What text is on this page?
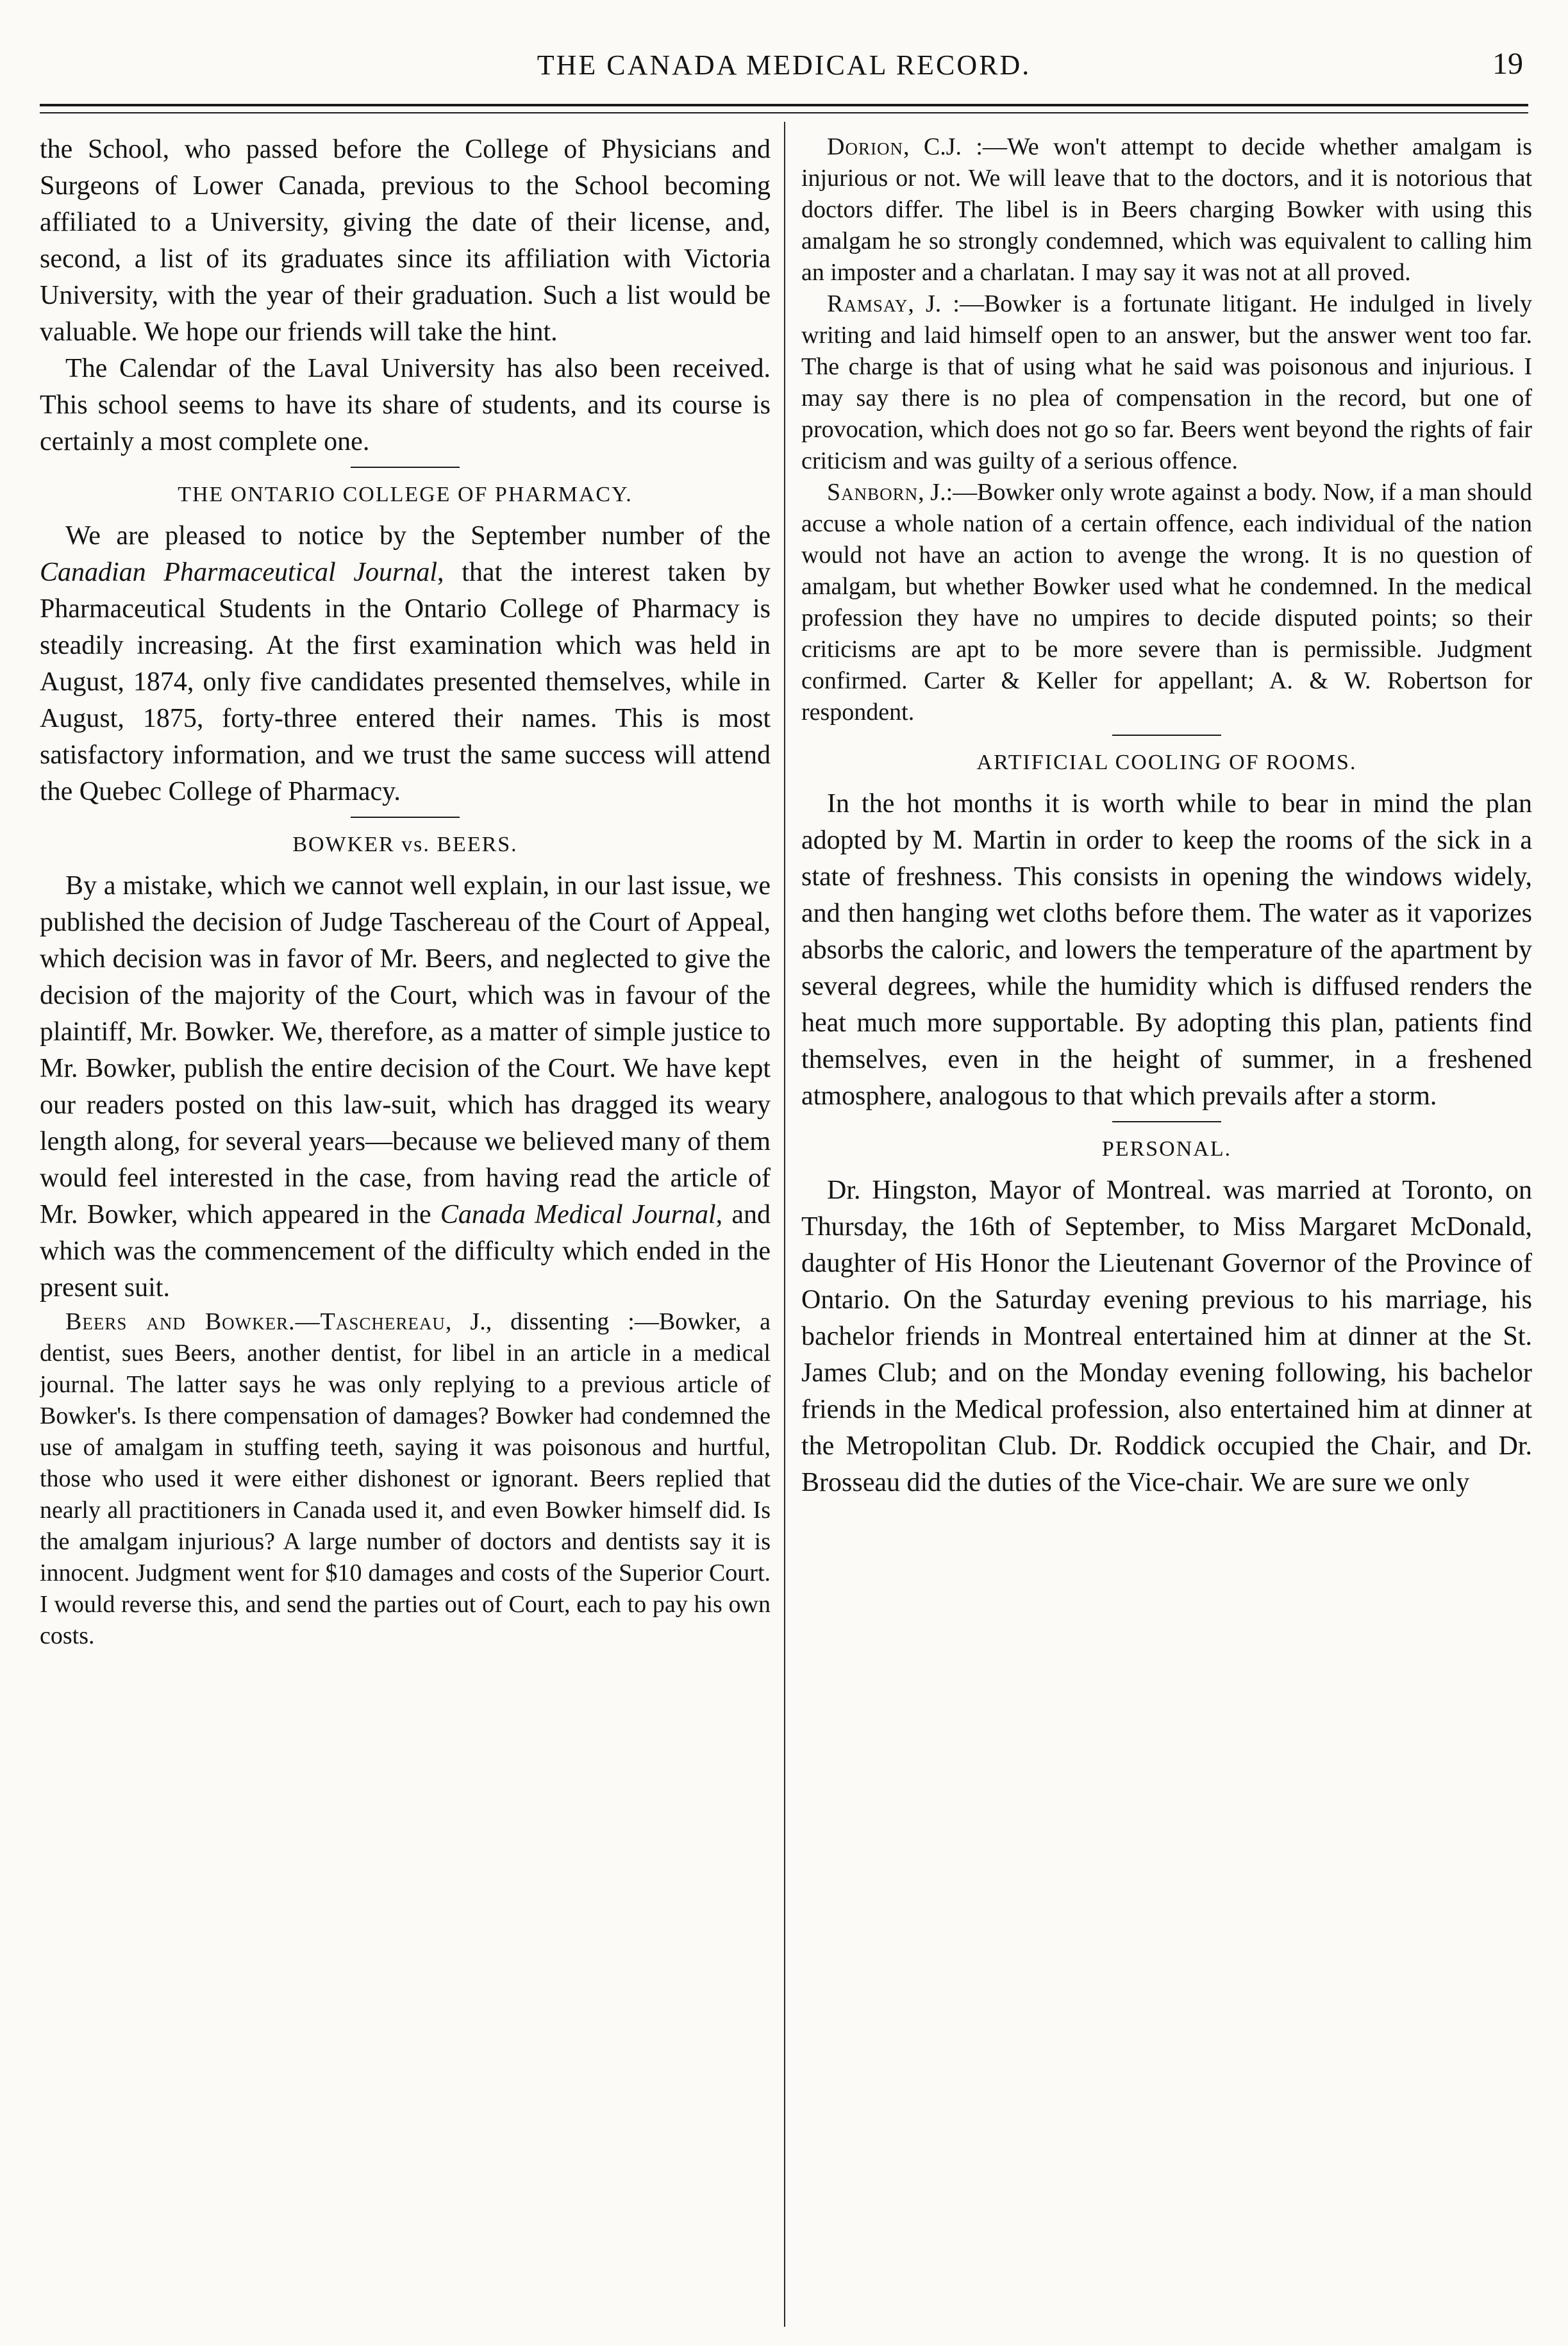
THE CANADA MEDICAL RECORD.	19

the School, who passed before the College of Physicians and Surgeons of Lower Canada, previous to the School becoming affiliated to a University, giving the date of their license, and, second, a list of its graduates since its affiliation with Victoria University, with the year of their graduation. Such a list would be valuable. We hope our friends will take the hint.

The Calendar of the Laval University has also been received. This school seems to have its share of students, and its course is certainly a most complete one.

THE ONTARIO COLLEGE OF PHARMACY.

We are pleased to notice by the September number of the Canadian Pharmaceutical Journal, that the interest taken by Pharmaceutical Students in the Ontario College of Pharmacy is steadily increasing. At the first examination which was held in August, 1874, only five candidates presented themselves, while in August, 1875, forty-three entered their names. This is most satisfactory information, and we trust the same success will attend the Quebec College of Pharmacy.

BOWKER vs. BEERS.

By a mistake, which we cannot well explain, in our last issue, we published the decision of Judge Taschereau of the Court of Appeal, which decision was in favor of Mr. Beers, and neglected to give the decision of the majority of the Court, which was in favour of the plaintiff, Mr. Bowker. We, therefore, as a matter of simple justice to Mr. Bowker, publish the entire decision of the Court. We have kept our readers posted on this law-suit, which has dragged its weary length along, for several years—because we believed many of them would feel interested in the case, from having read the article of Mr. Bowker, which appeared in the Canada Medical Journal, and which was the commencement of the difficulty which ended in the present suit.

Beers and Bowker.—Taschereau, J., dissenting :—Bowker, a dentist, sues Beers, another dentist, for libel in an article in a medical journal. The latter says he was only replying to a previous article of Bowker's. Is there compensation of damages? Bowker had condemned the use of amalgam in stuffing teeth, saying it was poisonous and hurtful, those who used it were either dishonest or ignorant. Beers replied that nearly all practitioners in Canada used it, and even Bowker himself did. Is the amalgam injurious? A large number of doctors and dentists say it is innocent. Judgment went for $10 damages and costs of the Superior Court. I would reverse this, and send the parties out of Court, each to pay his own costs.

Dorion, C.J. :—We won't attempt to decide whether amalgam is injurious or not. We will leave that to the doctors, and it is notorious that doctors differ. The libel is in Beers charging Bowker with using this amalgam he so strongly condemned, which was equivalent to calling him an imposter and a charlatan. I may say it was not at all proved.

Ramsay, J. :—Bowker is a fortunate litigant. He indulged in lively writing and laid himself open to an answer, but the answer went too far. The charge is that of using what he said was poisonous and injurious. I may say there is no plea of compensation in the record, but one of provocation, which does not go so far. Beers went beyond the rights of fair criticism and was guilty of a serious offence.

Sanborn, J.:—Bowker only wrote against a body. Now, if a man should accuse a whole nation of a certain offence, each individual of the nation would not have an action to avenge the wrong. It is no question of amalgam, but whether Bowker used what he condemned. In the medical profession they have no umpires to decide disputed points; so their criticisms are apt to be more severe than is permissible. Judgment confirmed. Carter & Keller for appellant; A. & W. Robertson for respondent.

ARTIFICIAL COOLING OF ROOMS.

In the hot months it is worth while to bear in mind the plan adopted by M. Martin in order to keep the rooms of the sick in a state of freshness. This consists in opening the windows widely, and then hanging wet cloths before them. The water as it vaporizes absorbs the caloric, and lowers the temperature of the apartment by several degrees, while the humidity which is diffused renders the heat much more supportable. By adopting this plan, patients find themselves, even in the height of summer, in a freshened atmosphere, analogous to that which prevails after a storm.

PERSONAL.

Dr. Hingston, Mayor of Montreal. was married at Toronto, on Thursday, the 16th of September, to Miss Margaret McDonald, daughter of His Honor the Lieutenant Governor of the Province of Ontario. On the Saturday evening previous to his marriage, his bachelor friends in Montreal entertained him at dinner at the St. James Club; and on the Monday evening following, his bachelor friends in the Medical profession, also entertained him at dinner at the Metropolitan Club. Dr. Roddick occupied the Chair, and Dr. Brosseau did the duties of the Vice-chair. We are sure we only
